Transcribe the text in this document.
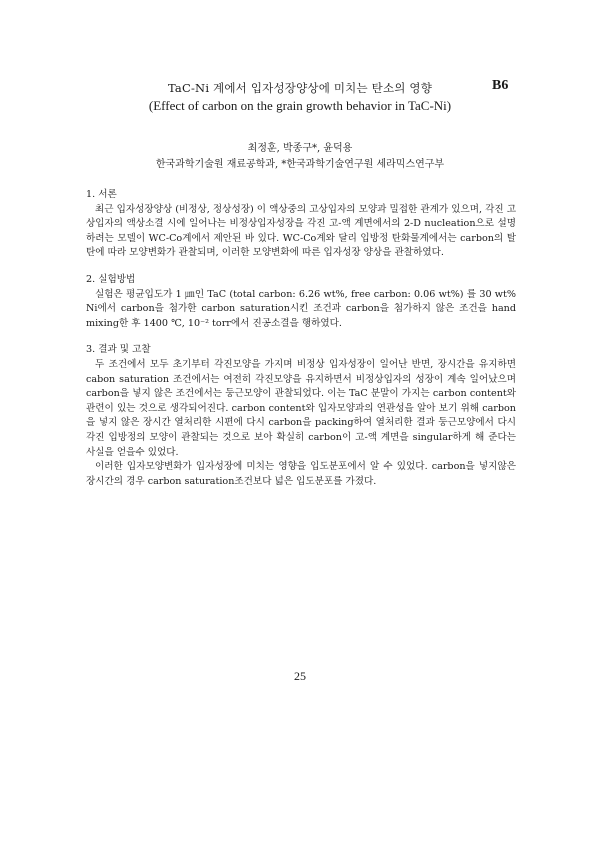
B6
TaC-Ni 계에서 입자성장양상에 미치는 탄소의 영향
(Effect of carbon on the grain growth behavior in TaC-Ni)
최정훈, 박종구*, 윤덕용
한국과학기술원 재료공학과, *한국과학기술연구원 세라믹스연구부

1. 서론

최근 입자성장양상 (비정상, 정상성장) 이 액상중의 고상입자의 모양과 밀접한 관계가 있으며, 각진 고상입자의 액상소결 시에 일어나는 비정상입자성장을 각진 고-액 계면에서의 2-D nucleation으로 설명하려는 모델이 WC-Co계에서 제안된 바 있다. WC-Co계와 달리 입방정 탄화물계에서는 carbon의 탈탄에 따라 모양변화가 관찰되며, 이러한 모양변화에 따른 입자성장 양상을 관찰하였다.

2. 실험방법

실험은 평균입도가 1 ㎛인 TaC (total carbon: 6.26 wt%, free carbon: 0.06 wt%) 를 30 wt% Ni에서 carbon을 첨가한 carbon saturation시킨 조건과 carbon을 첨가하지 않은 조건을 hand mixing한 후 1400 ℃, 10⁻² torr에서 진공소결을 행하였다.

3. 결과 및 고찰

두 조건에서 모두 초기부터 각진모양을 가지며 비정상 입자성장이 일어난 반면, 장시간을 유지하면 cabon saturation 조건에서는 여전히 각진모양을 유지하면서 비정상입자의 성장이 계속 일어났으며 carbon을 넣지 않은 조건에서는 둥근모양이 관찰되었다. 이는 TaC 분말이 가지는 carbon content와 관련이 있는 것으로 생각되어진다. carbon content와 입자모양과의 연관성을 알아 보기 위해 carbon을 넣지 않은 장시간 열처리한 시편에 다시 carbon을 packing하여 열처리한 결과 둥근모양에서 다시 각진 입방정의 모양이 관찰되는 것으로 보아 확실히 carbon이 고-액 계면을 singular하게 해 준다는 사실을 얻을수 있었다.

이러한 입자모양변화가 입자성장에 미치는 영향을 입도분포에서 알 수 있었다. carbon을 넣지않은 장시간의 경우 carbon saturation조건보다 넓은 입도분포를 가졌다.

25
